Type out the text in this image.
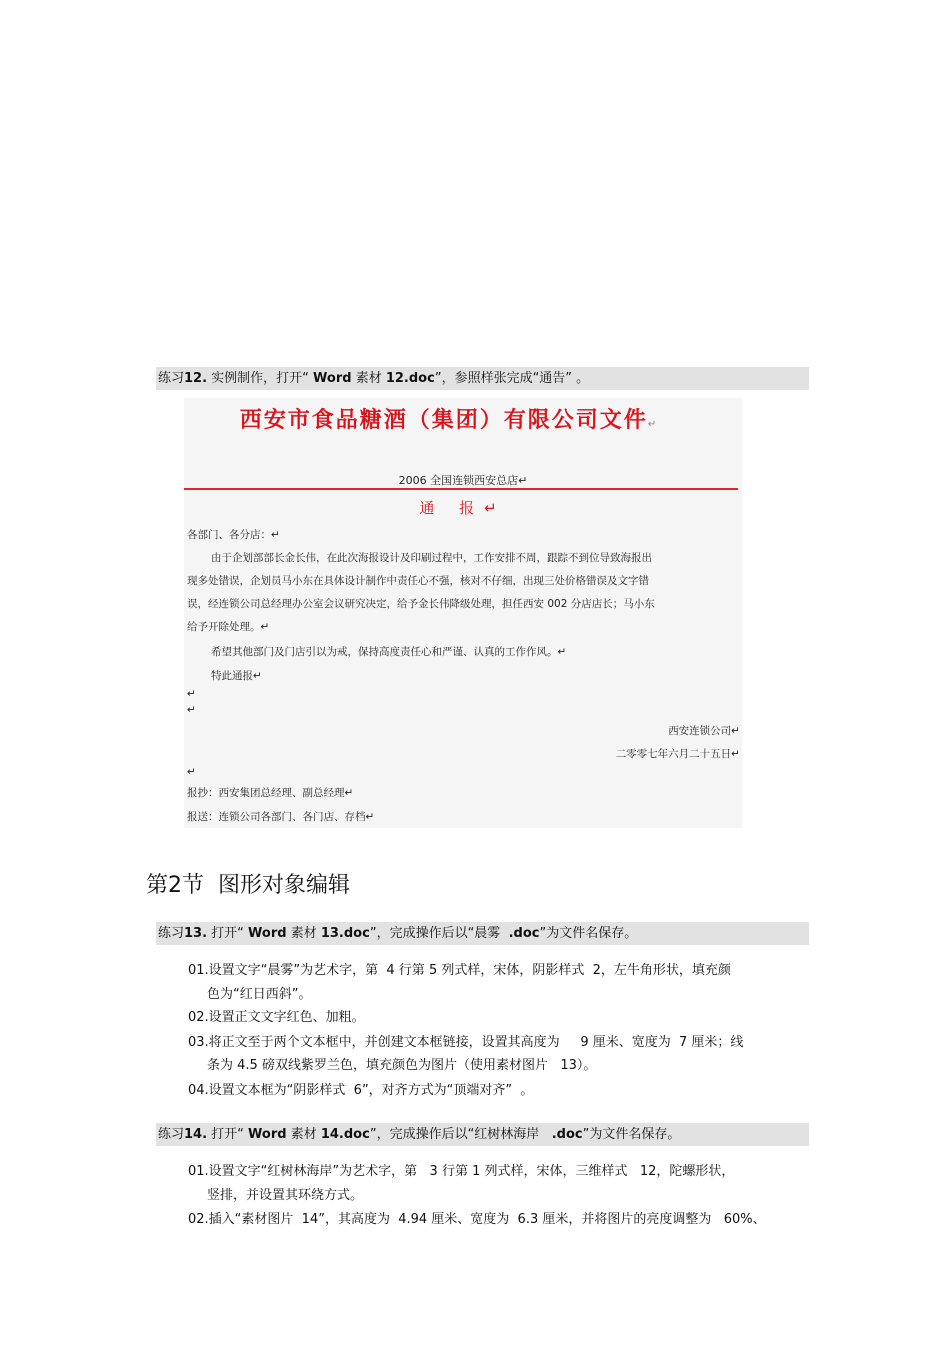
练习12. 实例制作，打开“ Word 素材 12.doc”，参照样张完成“通告” 。
西安市食品糖酒（集团）有限公司文件↵
2006 全国连锁西安总店↵
通 报↵
各部门、各分店：↵
由于企划部部长金长伟，在此次海报设计及印刷过程中，工作安排不周，跟踪不到位导致海报出
现多处错误，企划员马小东在具体设计制作中责任心不强，核对不仔细，出现三处价格错误及文字错
误，经连锁公司总经理办公室会议研究决定，给予金长伟降级处理，担任西安 002 分店店长；马小东
给予开除处理。↵
希望其他部门及门店引以为戒，保持高度责任心和严谨、认真的工作作风。↵
特此通报↵
↵
↵
西安连锁公司↵
二零零七年六月二十五日↵
↵
报抄：西安集团总经理、副总经理↵
报送：连锁公司各部门、各门店、存档↵
第2节  图形对象编辑
练习13. 打开“ Word 素材 13.doc”，完成操作后以“晨雾  .doc”为文件名保存。
01.设置文字“晨雾”为艺术字，第  4 行第 5 列式样，宋体，阴影样式  2，左牛角形状，填充颜
色为“红日西斜”。
02.设置正文文字红色、加粗。
03.将正文至于两个文本框中，并创建文本框链接，设置其高度为     9 厘米、宽度为  7 厘米；线
条为 4.5 磅双线紫罗兰色，填充颜色为图片（使用素材图片   13）。
04.设置文本框为“阴影样式  6”，对齐方式为“顶端对齐”  。
练习14. 打开“ Word 素材 14.doc”，完成操作后以“红树林海岸   .doc”为文件名保存。
01.设置文字“红树林海岸”为艺术字，第   3 行第 1 列式样，宋体，三维样式   12，陀螺形状，
竖排，并设置其环绕方式。
02.插入“素材图片  14”，其高度为  4.94 厘米、宽度为  6.3 厘米，并将图片的亮度调整为   60%、
